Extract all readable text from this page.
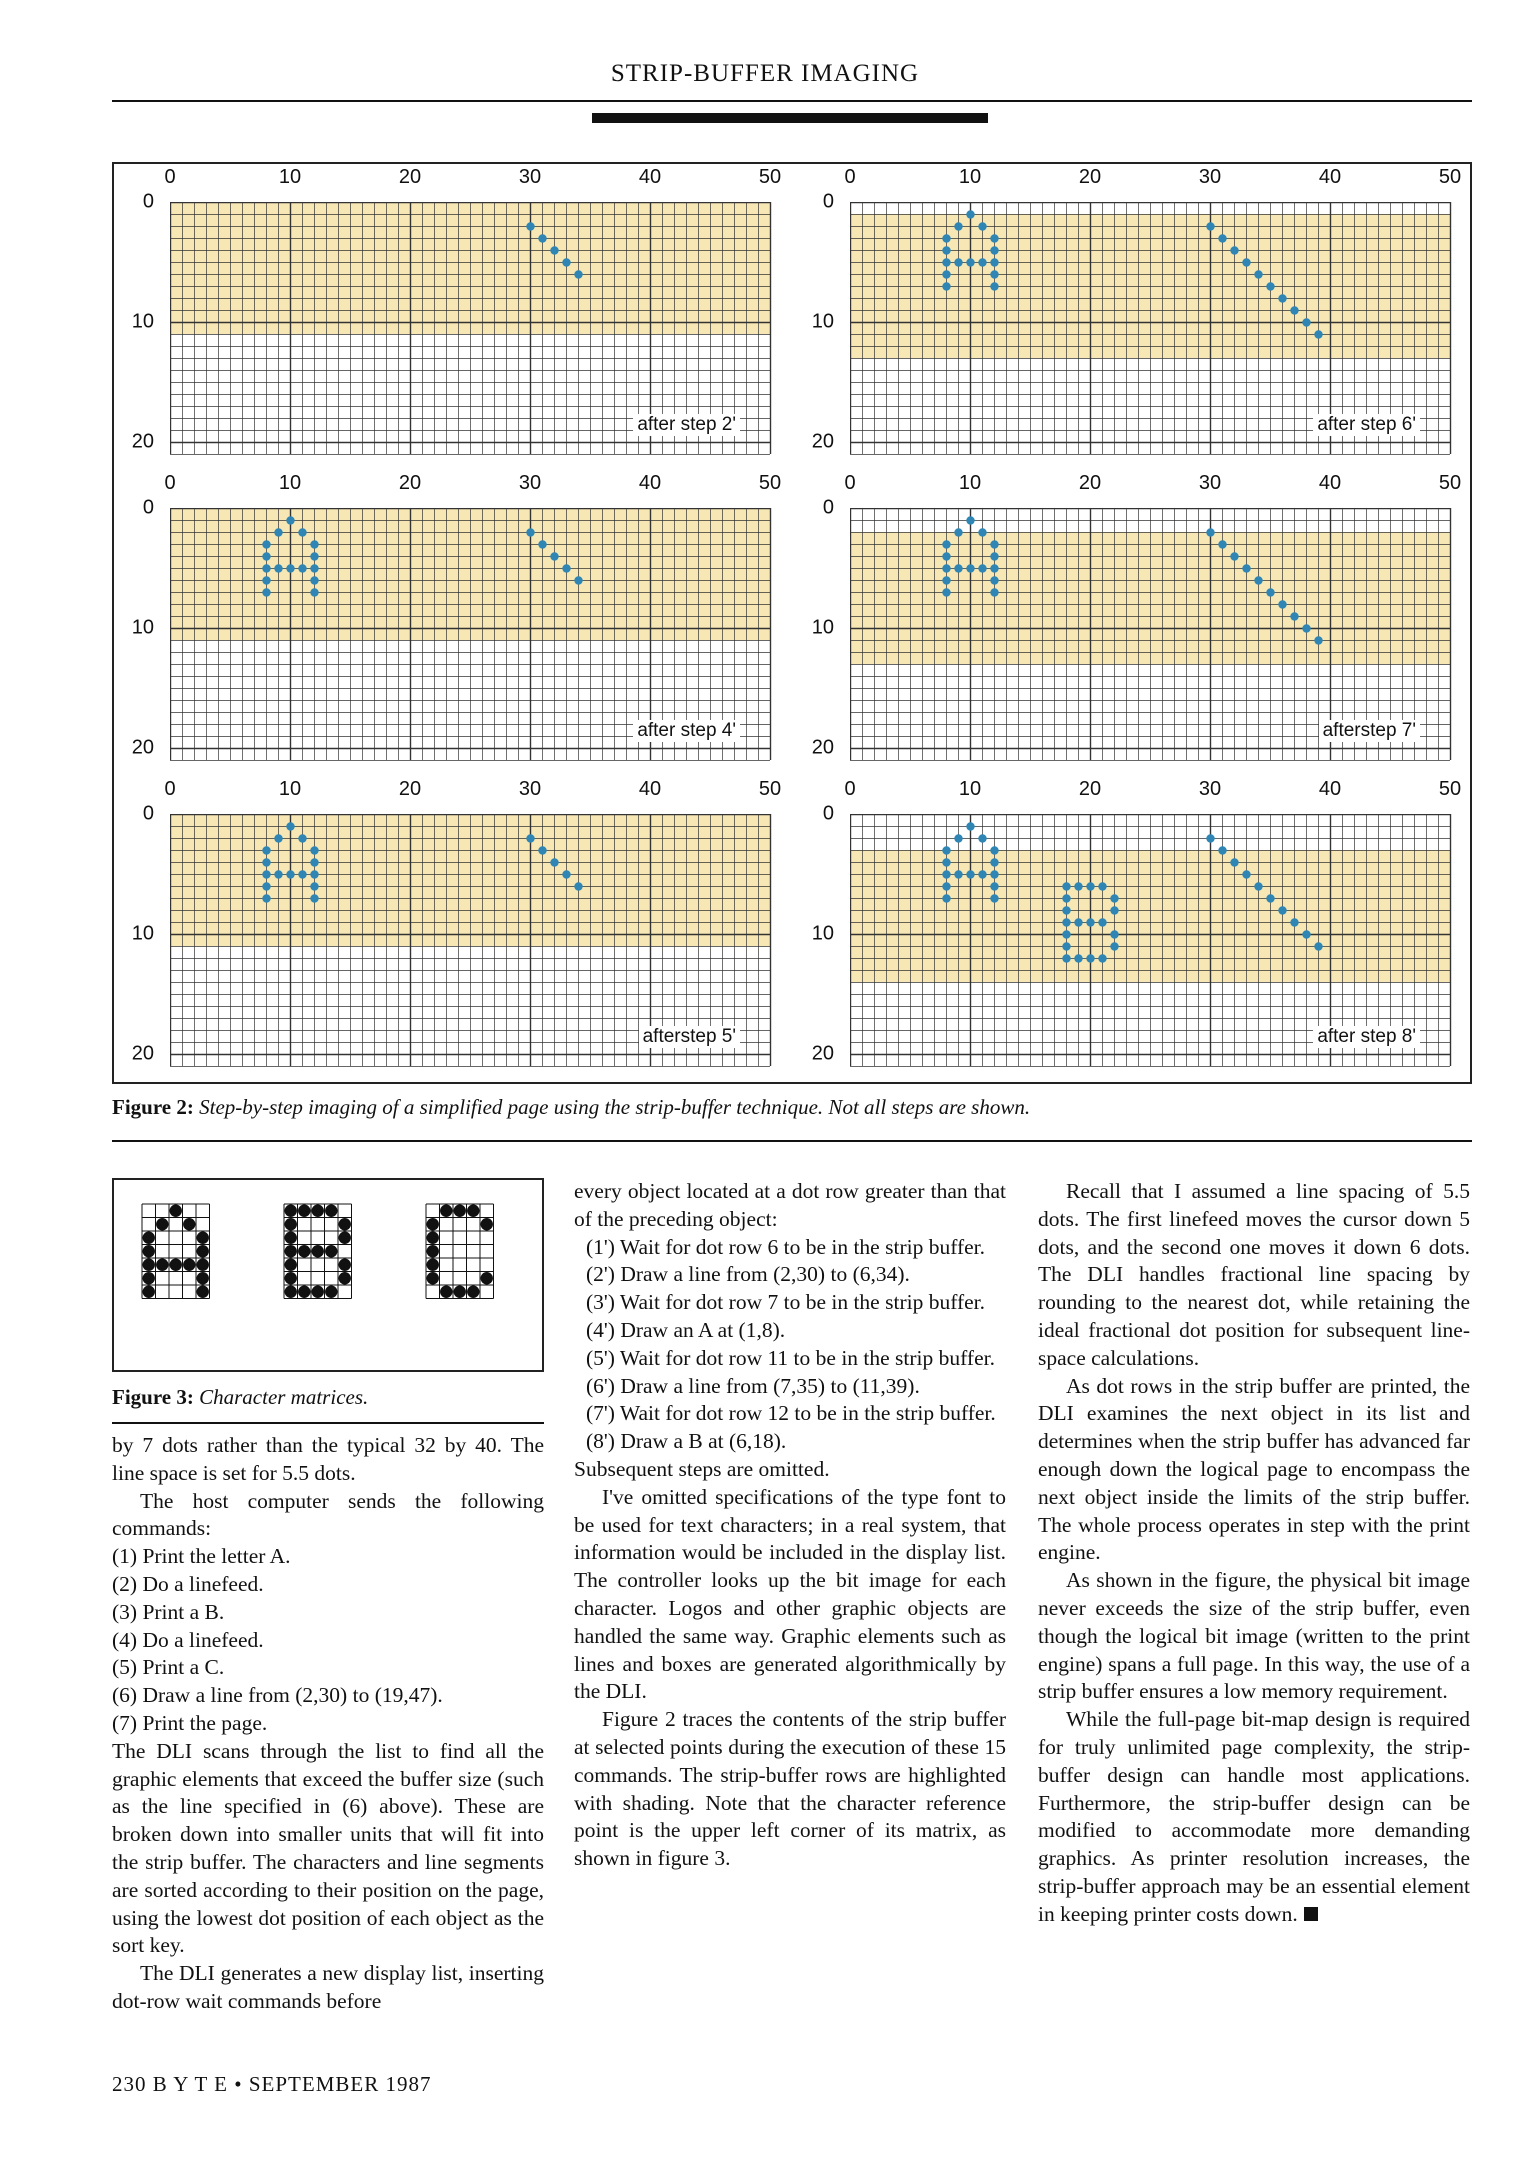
STRIP-BUFFER IMAGING
0	10	20	30	40	50
0
10
20
after step 2'
0	10	20	30	40	50
0
10
20
after step 6'
0	10	20	30	40	50
0
10
20
after step 4'
0	10	20	30	40	50
0
10
20
afterstep 7'
0	10	20	30	40	50
0
10
20
afterstep 5'
0	10	20	30	40	50
0
10
20
after step 8'
Figure 2: Step-by-step imaging of a simplified page using the strip-buffer technique. Not all steps are shown.
Figure 3: Character matrices.

by 7 dots rather than the typical 32 by 40. The line space is set for 5.5 dots.

The host computer sends the following commands:

(1) Print the letter A.

(2) Do a linefeed.

(3) Print a B.

(4) Do a linefeed.

(5) Print a C.

(6) Draw a line from (2,30) to (19,47).

(7) Print the page.

The DLI scans through the list to find all the graphic elements that exceed the buffer size (such as the line specified in (6) above). These are broken down into smaller units that will fit into the strip buffer. The characters and line segments are sorted according to their position on the page, using the lowest dot position of each object as the sort key.

The DLI generates a new display list, inserting dot-row wait commands before

every object located at a dot row greater than that of the preceding object:

(1') Wait for dot row 6 to be in the strip buffer.

(2') Draw a line from (2,30) to (6,34).

(3') Wait for dot row 7 to be in the strip buffer.

(4') Draw an A at (1,8).

(5') Wait for dot row 11 to be in the strip buffer.

(6') Draw a line from (7,35) to (11,39).

(7') Wait for dot row 12 to be in the strip buffer.

(8') Draw a B at (6,18).

Subsequent steps are omitted.

I've omitted specifications of the type font to be used for text characters; in a real system, that information would be included in the display list. The controller looks up the bit image for each character. Logos and other graphic objects are handled the same way. Graphic elements such as lines and boxes are generated algorithmically by the DLI.

Figure 2 traces the contents of the strip buffer at selected points during the execution of these 15 commands. The strip-buffer rows are highlighted with shading. Note that the character reference point is the upper left corner of its matrix, as shown in figure 3.

Recall that I assumed a line spacing of 5.5 dots. The first linefeed moves the cursor down 5 dots, and the second one moves it down 6 dots. The DLI handles fractional line spacing by rounding to the nearest dot, while retaining the ideal fractional dot position for subsequent line-space calculations.

As dot rows in the strip buffer are printed, the DLI examines the next object in its list and determines when the strip buffer has advanced far enough down the logical page to encompass the next object inside the limits of the strip buffer. The whole process operates in step with the print engine.

As shown in the figure, the physical bit image never exceeds the size of the strip buffer, even though the logical bit image (written to the print engine) spans a full page. In this way, the use of a strip buffer ensures a low memory requirement.

While the full-page bit-map design is required for truly unlimited page complexity, the strip-buffer design can handle most applications. Furthermore, the strip-buffer design can be modified to accommodate more demanding graphics. As printer resolution increases, the strip-buffer approach may be an essential element in keeping printer costs down.

230 B Y T E • SEPTEMBER 1987
